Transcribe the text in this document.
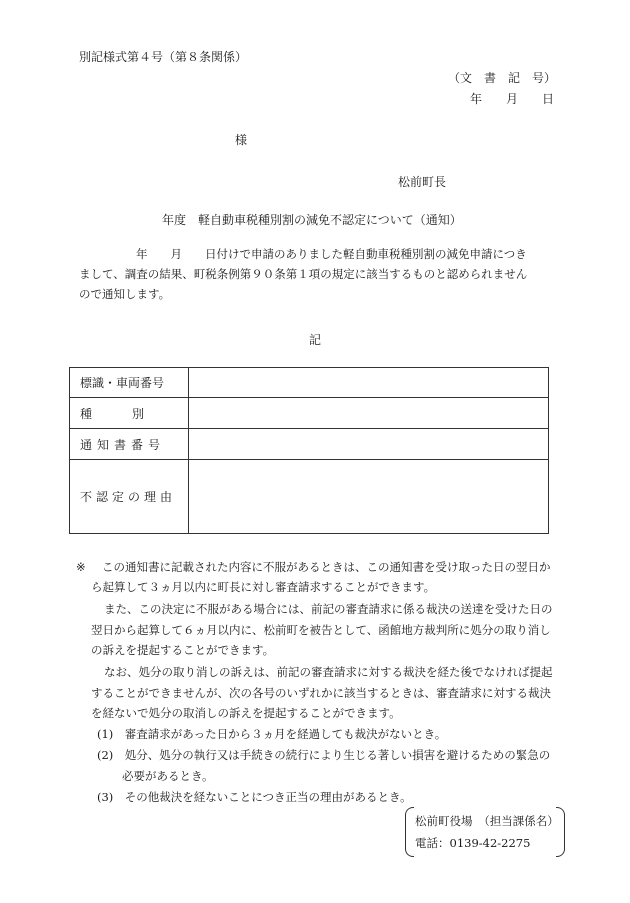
別記様式第４号（第８条関係）
（文　書　記　号）
年　　月　　日
様
松前町長
年度　軽自動車税種別割の減免不認定について（通知）
年　　月　　日付けで申請のありました軽自動車税種別割の減免申請につき
まして、調査の結果、町税条例第９０条第１項の規定に該当するものと認められません
ので通知します。
記
標識・車両番号	
種　　　別	
通知書番号	
不認定の理由	
※ この通知書に記載された内容に不服があるときは、この通知書を受け取った日の翌日か
ら起算して３ヵ月以内に町長に対し審査請求することができます。
また、この決定に不服がある場合には、前記の審査請求に係る裁決の送達を受けた日の
翌日から起算して６ヵ月以内に、松前町を被告として、函館地方裁判所に処分の取り消し
の訴えを提起することができます。
なお、処分の取り消しの訴えは、前記の審査請求に対する裁決を経た後でなければ提起
することができませんが、次の各号のいずれかに該当するときは、審査請求に対する裁決
を経ないで処分の取消しの訴えを提起することができます。
(1)　審査請求があった日から３ヵ月を経過しても裁決がないとき。
(2)　処分、処分の執行又は手続きの続行により生じる著しい損害を避けるための緊急の
必要があるとき。
(3)　その他裁決を経ないことにつき正当の理由があるとき。
松前町役場　（担当課係名）
電話：0139-42-2275
